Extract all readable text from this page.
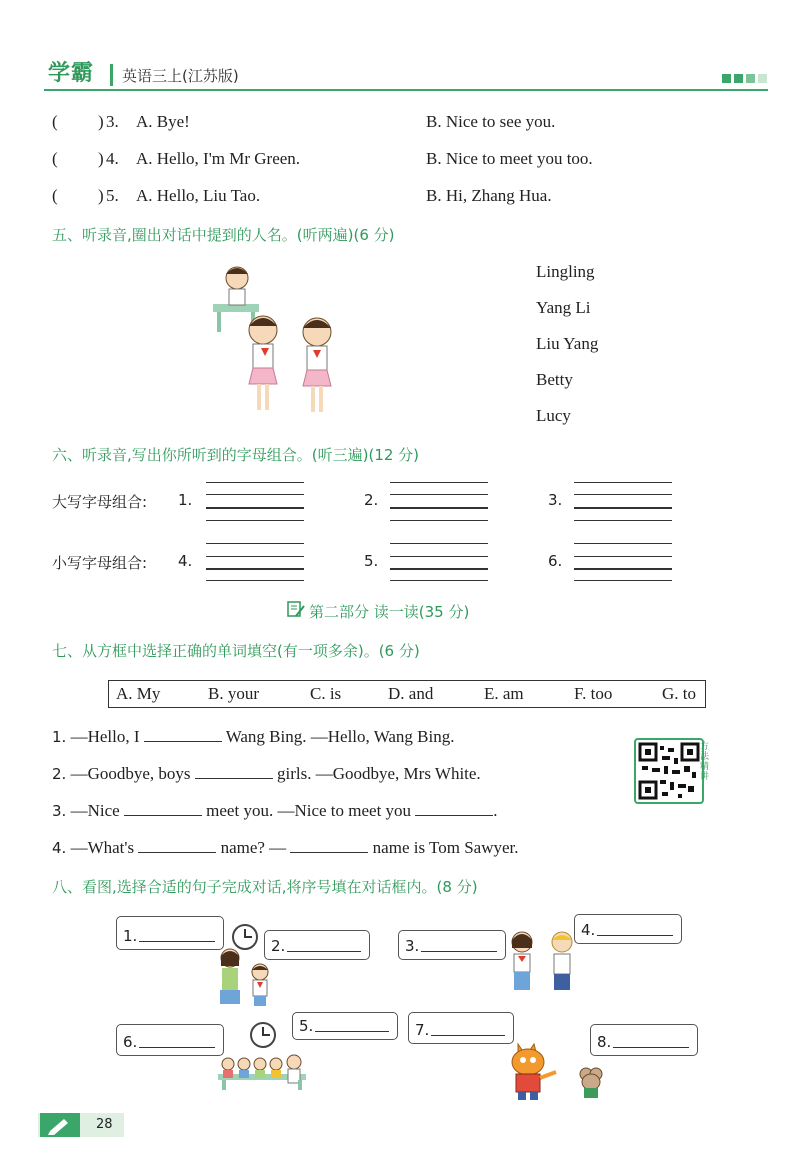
学霸 英语三上(江苏版)
( ) 3. A. Bye!	B. Nice to see you.
( ) 4. A. Hello, I'm Mr Green.	B. Nice to meet you too.
( ) 5. A. Hello, Liu Tao.	B. Hi, Zhang Hua.
五、听录音,圈出对话中提到的人名。(听两遍)(6 分)
Lingling
Yang Li
Liu Yang
Betty
Lucy
六、听录音,写出你所听到的字母组合。(听三遍)(12 分)
大写字母组合: 1.	2.	3.
小写字母组合: 4.	5.	6.
第二部分 读一读(35 分)
七、从方框中选择正确的单词填空(有一项多余)。(6 分)
A. My	B. your	C. is	D. and	E. am	F. too	G. to
1. —Hello, I	Wang Bing. —Hello, Wang Bing.
2. —Goodbye, boys	girls. —Goodbye, Mrs White.
3. —Nice	meet you. —Nice to meet you	.
4. —What's	name? —	name is Tom Sawyer.
方法精讲
八、看图,选择合适的句子完成对话,将序号填在对话框内。(8 分)
1.
2.	3.
4.
6.
5.	7.
8.
28
